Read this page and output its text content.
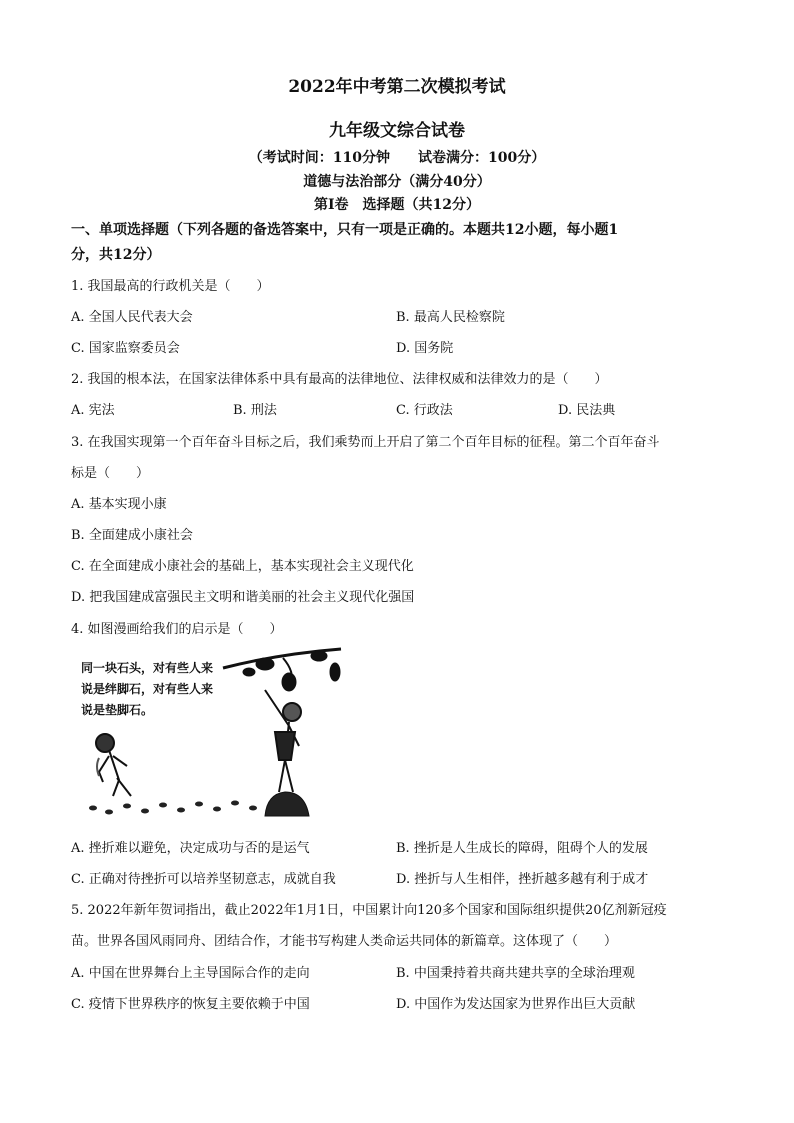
2022年中考第二次模拟考试
九年级文综合试卷
（考试时间：110分钟　　试卷满分：100分）
道德与法治部分（满分40分）
第Ⅰ卷　选择题（共12分）
一、单项选择题（下列各题的备选答案中，只有一项是正确的。本题共12小题，每小题1
分，共12分）
1. 我国最高的行政机关是（　　）
A. 全国人民代表大会	B. 最高人民检察院
C. 国家监察委员会	D. 国务院
2. 我国的根本法，在国家法律体系中具有最高的法律地位、法律权威和法律效力的是（　　）
A. 宪法	B. 刑法	C. 行政法	D. 民法典
3. 在我国实现第一个百年奋斗目标之后，我们乘势而上开启了第二个百年目标的征程。第二个百年奋斗
标是（　　）
A. 基本实现小康
B. 全面建成小康社会
C. 在全面建成小康社会的基础上，基本实现社会主义现代化
D. 把我国建成富强民主文明和谐美丽的社会主义现代化强国
4. 如图漫画给我们的启示是（　　）
同一块石头，对有些人来
说是绊脚石，对有些人来
说是垫脚石。
A. 挫折难以避免，决定成功与否的是运气	B. 挫折是人生成长的障碍，阻碍个人的发展
C. 正确对待挫折可以培养坚韧意志，成就自我	D. 挫折与人生相伴，挫折越多越有利于成才
5. 2022年新年贺词指出，截止2022年1月1日，中国累计向120多个国家和国际组织提供20亿剂新冠疫
苗。世界各国风雨同舟、团结合作，才能书写构建人类命运共同体的新篇章。这体现了（　　）
A. 中国在世界舞台上主导国际合作的走向	B. 中国秉持着共商共建共享的全球治理观
C. 疫情下世界秩序的恢复主要依赖于中国	D. 中国作为发达国家为世界作出巨大贡献
